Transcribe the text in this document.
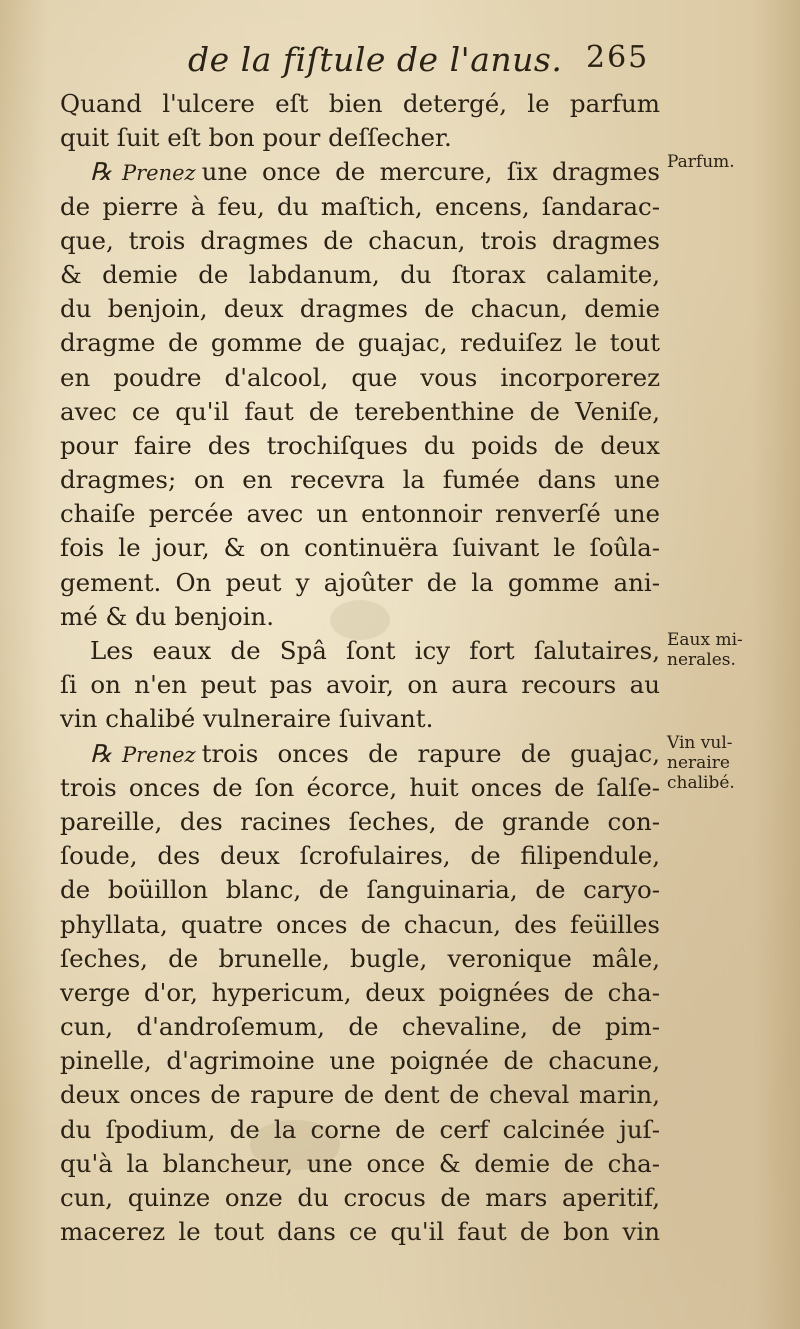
de la fiſtule de l'anus. 265
Quand l'ulcere eſt bien detergé, le parfum
quit ſuit eſt bon pour deſſecher.
℞ Prenez une once de mercure, ſix dragmes
de pierre à feu, du maſtich, encens, ſandarac-
que, trois dragmes de chacun, trois dragmes
& demie de labdanum, du ſtorax calamite,
du benjoin, deux dragmes de chacun, demie
dragme de gomme de guajac, reduiſez le tout
en poudre d'alcool, que vous incorporerez
avec ce qu'il faut de terebenthine de Veniſe,
pour faire des trochiſques du poids de deux
dragmes; on en recevra la fumée dans une
chaiſe percée avec un entonnoir renverſé une
fois le jour, & on continuëra ſuivant le ſoûla-
gement. On peut y ajoûter de la gomme ani-
mé & du benjoin.
Les eaux de Spâ ſont icy fort ſalutaires,
ſi on n'en peut pas avoir, on aura recours au
vin chalibé vulneraire ſuivant.
℞ Prenez trois onces de rapure de guajac,
trois onces de ſon écorce, huit onces de ſalſe-
pareille, des racines ſeches, de grande con-
ſoude, des deux ſcrofulaires, de filipendule,
de boüillon blanc, de ſanguinaria, de caryo-
phyllata, quatre onces de chacun, des feüilles
ſeches, de brunelle, bugle, veronique mâle,
verge d'or, hypericum, deux poignées de cha-
cun, d'androſemum, de chevaline, de pim-
pinelle, d'agrimoine une poignée de chacune,
deux onces de rapure de dent de cheval marin,
du ſpodium, de la corne de cerf calcinée juſ-
qu'à la blancheur, une once & demie de cha-
cun, quinze onze du crocus de mars aperitif,
macerez le tout dans ce qu'il faut de bon vin
Parfum.
Eaux mi-
nerales.
Vin vul-
neraire
chalibé.
